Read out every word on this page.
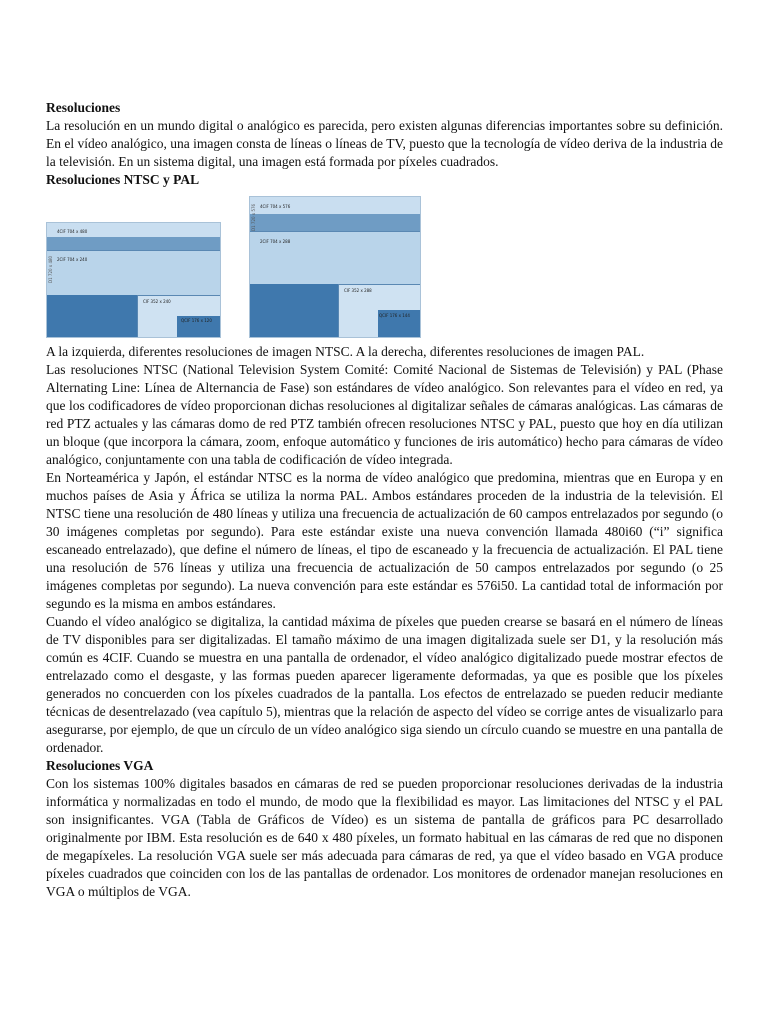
Resoluciones

La resolución en un mundo digital o analógico es parecida, pero existen algunas diferencias importantes sobre su definición. En el vídeo analógico, una imagen consta de líneas o líneas de TV, puesto que la tecnología de vídeo deriva de la industria de la televisión. En un sistema digital, una imagen está formada por píxeles cuadrados.

Resoluciones NTSC y PAL
D1 720 x 480
4CIF 704 x 480
2CIF 704 x 240
CIF 352 x 240
QCIF 176 x 120
D1 720 x 576 4CIF 704 x 576
2CIF 704 x 288
CIF 352 x 288
QCIF 176 x 144

A la izquierda, diferentes resoluciones de imagen NTSC. A la derecha, diferentes resoluciones de imagen PAL.

Las resoluciones NTSC (National Television System Comité: Comité Nacional de Sistemas de Televisión) y PAL (Phase Alternating Line: Línea de Alternancia de Fase) son estándares de vídeo analógico. Son relevantes para el vídeo en red, ya que los codificadores de vídeo proporcionan dichas resoluciones al digitalizar señales de cámaras analógicas. Las cámaras de red PTZ actuales y las cámaras domo de red PTZ también ofrecen resoluciones NTSC y PAL, puesto que hoy en día utilizan un bloque (que incorpora la cámara, zoom, enfoque automático y funciones de iris automático) hecho para cámaras de vídeo analógico, conjuntamente con una tabla de codificación de vídeo integrada.

En Norteamérica y Japón, el estándar NTSC es la norma de vídeo analógico que predomina, mientras que en Europa y en muchos países de Asia y África se utiliza la norma PAL. Ambos estándares proceden de la industria de la televisión. El NTSC tiene una resolución de 480 líneas y utiliza una frecuencia de actualización de 60 campos entrelazados por segundo (o 30 imágenes completas por segundo). Para este estándar existe una nueva convención llamada 480i60 (“i” significa escaneado entrelazado), que define el número de líneas, el tipo de escaneado y la frecuencia de actualización. El PAL tiene una resolución de 576 líneas y utiliza una frecuencia de actualización de 50 campos entrelazados por segundo (o 25 imágenes completas por segundo). La nueva convención para este estándar es 576i50. La cantidad total de información por segundo es la misma en ambos estándares.

Cuando el vídeo analógico se digitaliza, la cantidad máxima de píxeles que pueden crearse se basará en el número de líneas de TV disponibles para ser digitalizadas. El tamaño máximo de una imagen digitalizada suele ser D1, y la resolución más común es 4CIF. Cuando se muestra en una pantalla de ordenador, el vídeo analógico digitalizado puede mostrar efectos de entrelazado como el desgaste, y las formas pueden aparecer ligeramente deformadas, ya que es posible que los píxeles generados no concuerden con los píxeles cuadrados de la pantalla. Los efectos de entrelazado se pueden reducir mediante técnicas de desentrelazado (vea capítulo 5), mientras que la relación de aspecto del vídeo se corrige antes de visualizarlo para asegurarse, por ejemplo, de que un círculo de un vídeo analógico siga siendo un círculo cuando se muestre en una pantalla de ordenador.

Resoluciones VGA

Con los sistemas 100% digitales basados en cámaras de red se pueden proporcionar resoluciones derivadas de la industria informática y normalizadas en todo el mundo, de modo que la flexibilidad es mayor. Las limitaciones del NTSC y el PAL son insignificantes. VGA (Tabla de Gráficos de Vídeo) es un sistema de pantalla de gráficos para PC desarrollado originalmente por IBM. Esta resolución es de 640 x 480 píxeles, un formato habitual en las cámaras de red que no disponen de megapíxeles. La resolución VGA suele ser más adecuada para cámaras de red, ya que el vídeo basado en VGA produce píxeles cuadrados que coinciden con los de las pantallas de ordenador. Los monitores de ordenador manejan resoluciones en VGA o múltiplos de VGA.
